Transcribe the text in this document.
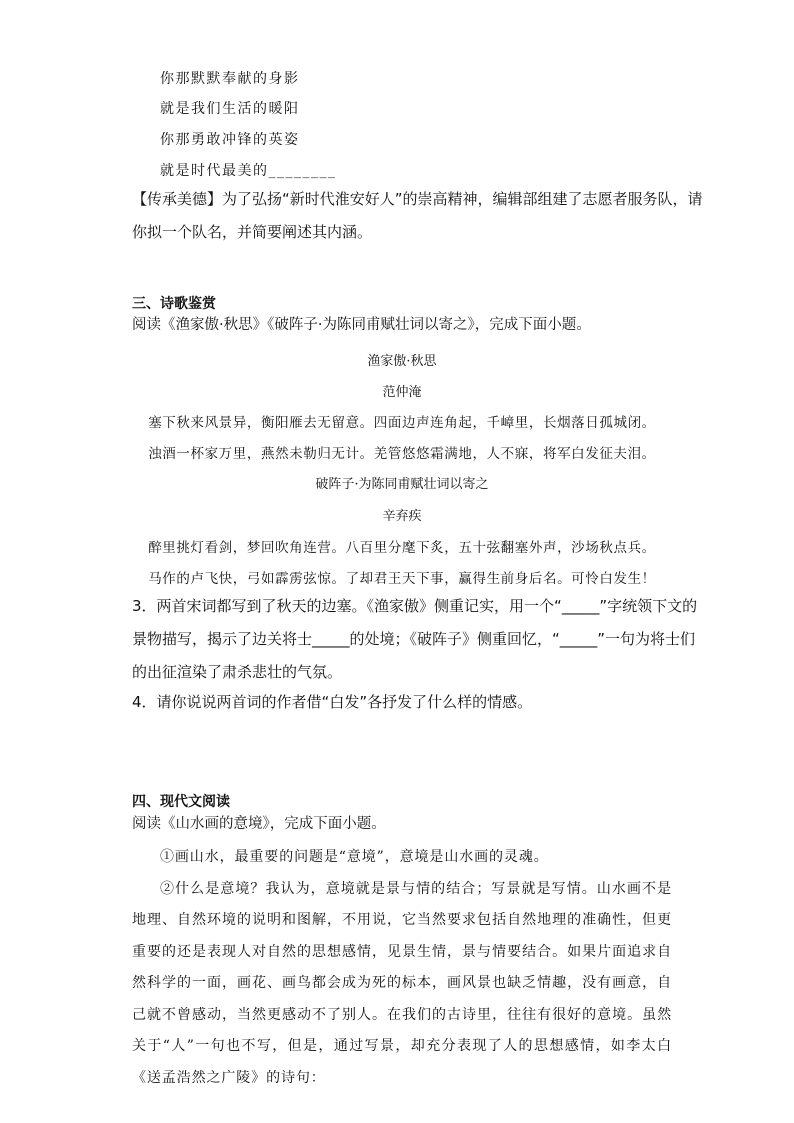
你那默默奉献的身影
就是我们生活的暖阳
你那勇敢冲锋的英姿
就是时代最美的________
【传承美德】为了弘扬“新时代淮安好人”的崇高精神，编辑部组建了志愿者服务队，请
你拟一个队名，并简要阐述其内涵。
三、诗歌鉴赏
阅读《渔家傲·秋思》《破阵子·为陈同甫赋壮词以寄之》，完成下面小题。
渔家傲·秋思
范仲淹
塞下秋来风景异，衡阳雁去无留意。四面边声连角起，千嶂里，长烟落日孤城闭。
浊酒一杯家万里，燕然未勒归无计。羌管悠悠霜满地，人不寐，将军白发征夫泪。
破阵子·为陈同甫赋壮词以寄之
辛弃疾
醉里挑灯看剑，梦回吹角连营。八百里分麾下炙，五十弦翻塞外声，沙场秋点兵。
马作的卢飞快，弓如霹雳弦惊。了却君王天下事，赢得生前身后名。可怜白发生！
3．两首宋词都写到了秋天的边塞。《渔家傲》侧重记实，用一个“_____”字统领下文的
景物描写，揭示了边关将士_____的处境；《破阵子》侧重回忆，“_____”一句为将士们
的出征渲染了肃杀悲壮的气氛。
4．请你说说两首词的作者借“白发”各抒发了什么样的情感。
四、现代文阅读
阅读《山水画的意境》，完成下面小题。
①画山水，最重要的问题是“意境”，意境是山水画的灵魂。
②什么是意境？我认为，意境就是景与情的结合；写景就是写情。山水画不是地理、自然环境的说明和图解，不用说，它当然要求包括自然地理的准确性，但更重要的还是表现人对自然的思想感情，见景生情，景与情要结合。如果片面追求自然科学的一面，画花、画鸟都会成为死的标本，画风景也缺乏情趣，没有画意，自己就不曾感动，当然更感动不了别人。在我们的古诗里，往往有很好的意境。虽然关于“人”一句也不写，但是，通过写景，却充分表现了人的思想感情，如李太白《送孟浩然之广陵》的诗句：
